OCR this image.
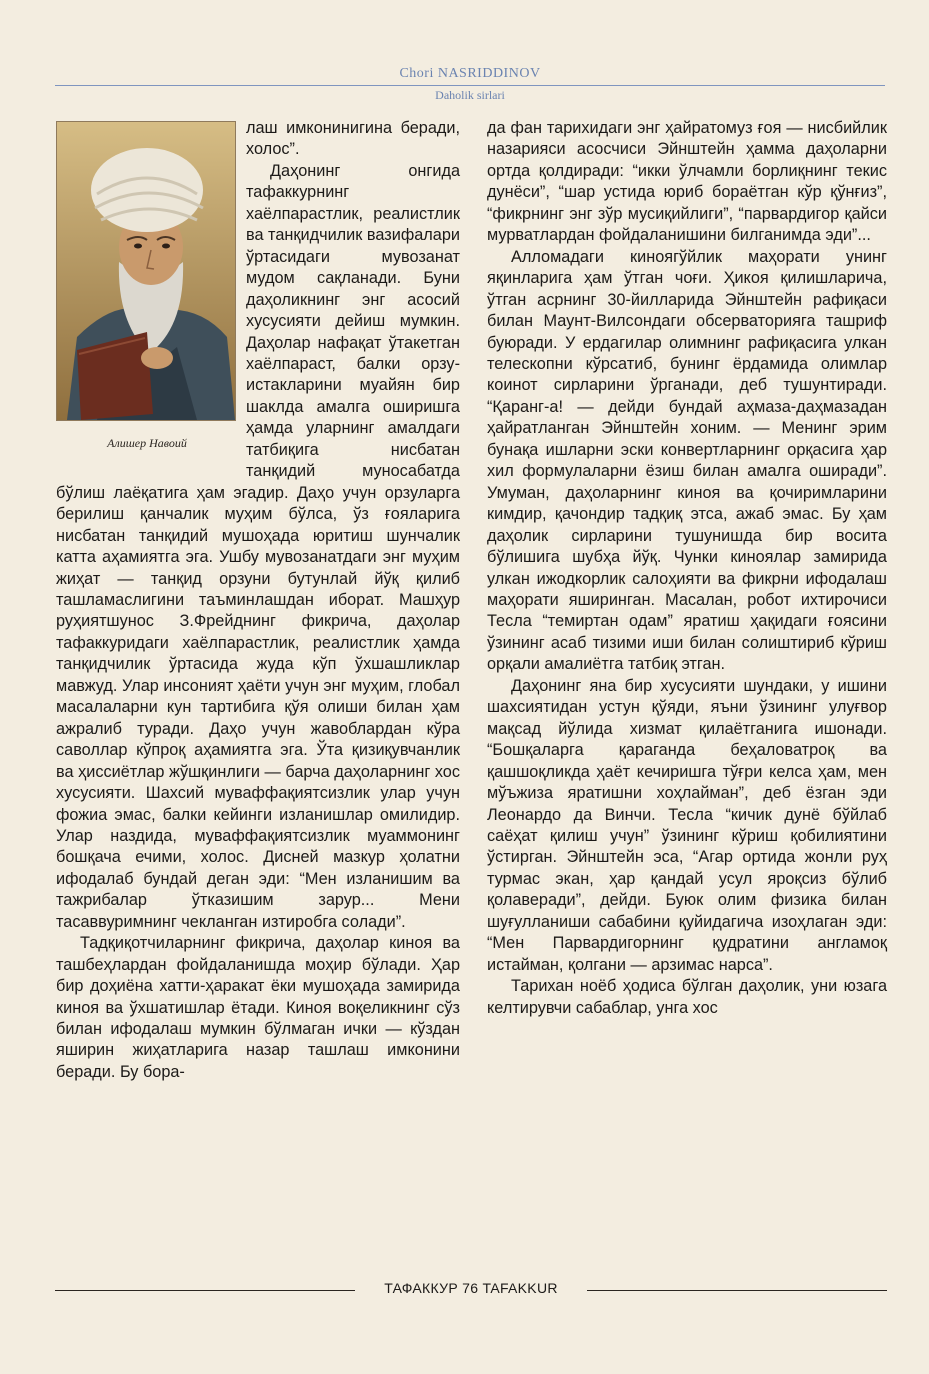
Chori NASRIDDINOV
Daholik sirlari
Алишер Навоий

лаш имконинигина беради, холос”.

Даҳонинг онгида тафаккурнинг хаёлпарастлик, реалистлик ва танқидчилик вазифалари ўртасидаги мувозанат мудом сақланади. Буни даҳоликнинг энг асосий хусусияти дейиш мумкин. Даҳолар нафақат ўтакетган хаёлпараст, балки орзу-истакларини муайян бир шаклда амалга оширишга ҳамда уларнинг амалдаги татбиқига нисбатан танқидий муносабатда бўлиш лаёқатига ҳам эгадир. Даҳо учун орзуларга берилиш қанчалик муҳим бўлса, ўз ғояларига нисбатан танқидий мушоҳада юритиш шунчалик катта аҳамиятга эга. Ушбу мувозанатдаги энг муҳим жиҳат — танқид орзуни бутунлай йўқ қилиб ташламаслигини таъминлашдан иборат. Машҳур руҳиятшунос З.Фрейднинг фикрича, даҳолар тафаккуридаги хаёлпарастлик, реалистлик ҳамда танқидчилик ўртасида жуда кўп ўхшашликлар мавжуд. Улар инсоният ҳаёти учун энг муҳим, глобал масалаларни кун тартибига қўя олиши билан ҳам ажралиб туради. Даҳо учун жавоблардан кўра саволлар кўпроқ аҳамиятга эга. Ўта қизиқувчанлик ва ҳиссиётлар жўшқинлиги — барча даҳоларнинг хос хусусияти. Шахсий муваффақиятсизлик улар учун фожиа эмас, балки кейинги изланишлар омилидир. Улар наздида, муваффақиятсизлик муаммонинг бошқача ечими, холос. Дисней мазкур ҳолатни ифодалаб бундай деган эди: “Мен изланишим ва тажрибалар ўтказишим зарур... Мени тасаввуримнинг чекланган изтиробга солади”.

Тадқиқотчиларнинг фикрича, даҳолар киноя ва ташбеҳлардан фойдаланишда моҳир бўлади. Ҳар бир доҳиёна хатти-ҳаракат ёки мушоҳада замирида киноя ва ўхшатишлар ётади. Киноя воқеликнинг сўз билан ифодалаш мумкин бўлмаган ички — кўздан яширин жиҳатларига назар ташлаш имконини беради. Бу бора-

да фан тарихидаги энг ҳайратомуз ғоя — нисбийлик назарияси асосчиси Эйнштейн ҳамма даҳоларни ортда қолдиради: “икки ўлчамли борлиқнинг текис дунёси”, “шар устида юриб бораётган кўр қўнғиз”, “фикрнинг энг зўр мусиқийлиги”, “парвардигор қайси мурватлардан фойдаланишини билганимда эди”...

Алломадаги киноягўйлик маҳорати унинг яқинларига ҳам ўтган чоғи. Ҳикоя қилишларича, ўтган асрнинг 30-йилларида Эйнштейн рафиқаси билан Маунт-Вилсондаги обсерваторияга ташриф буюради. У ердагилар олимнинг рафиқасига улкан телескопни кўрсатиб, бунинг ёрдамида олимлар коинот сирларини ўрганади, деб тушунтиради. “Қаранг-а! — дейди бундай аҳмаза-даҳмазадан ҳайратланган Эйнштейн хоним. — Менинг эрим бунақа ишларни эски конвертларнинг орқасига ҳар хил формулаларни ёзиш билан амалга оширади”. Умуман, даҳоларнинг киноя ва қочиримларини кимдир, қачондир тадқиқ этса, ажаб эмас. Бу ҳам даҳолик сирларини тушунишда бир восита бўлишига шубҳа йўқ. Чунки кинoялар замирида улкан ижодкорлик салоҳияти ва фикрни ифодалаш маҳорати яширинган. Масалан, робот ихтирочиси Тесла “темиртан одам” яратиш ҳақидаги ғоясини ўзининг асаб тизими иши билан солиштириб кўриш орқали амалиётга татбиқ этган.

Даҳонинг яна бир хусусияти шундаки, у ишини шахсиятидан устун қўяди, яъни ўзининг улуғвор мақсад йўлида хизмат қилаётганига ишонади. “Бошқаларга қараганда беҳаловатроқ ва қашшоқликда ҳаёт кечиришга тўғри келса ҳам, мен мўъжиза яратишни хоҳлайман”, деб ёзган эди Леонардо да Винчи. Тесла “кичик дунё бўйлаб саёҳат қилиш учун” ўзининг кўриш қобилиятини ўстирган. Эйнштейн эса, “Агар ортида жонли руҳ турмас экан, ҳар қандай усул яроқсиз бўлиб қолаверади”, дейди. Буюк олим физика билан шуғулланиши сабабини қуйидагича изоҳлаган эди: “Мен Парвардигорнинг қудратини англамоқ истайман, қолгани — арзимас нарса”.

Тарихан ноёб ҳодиса бўлган даҳолик, уни юзага келтирувчи сабаблар, унга хос

ТАФАККУР 76 TAFAKKUR
